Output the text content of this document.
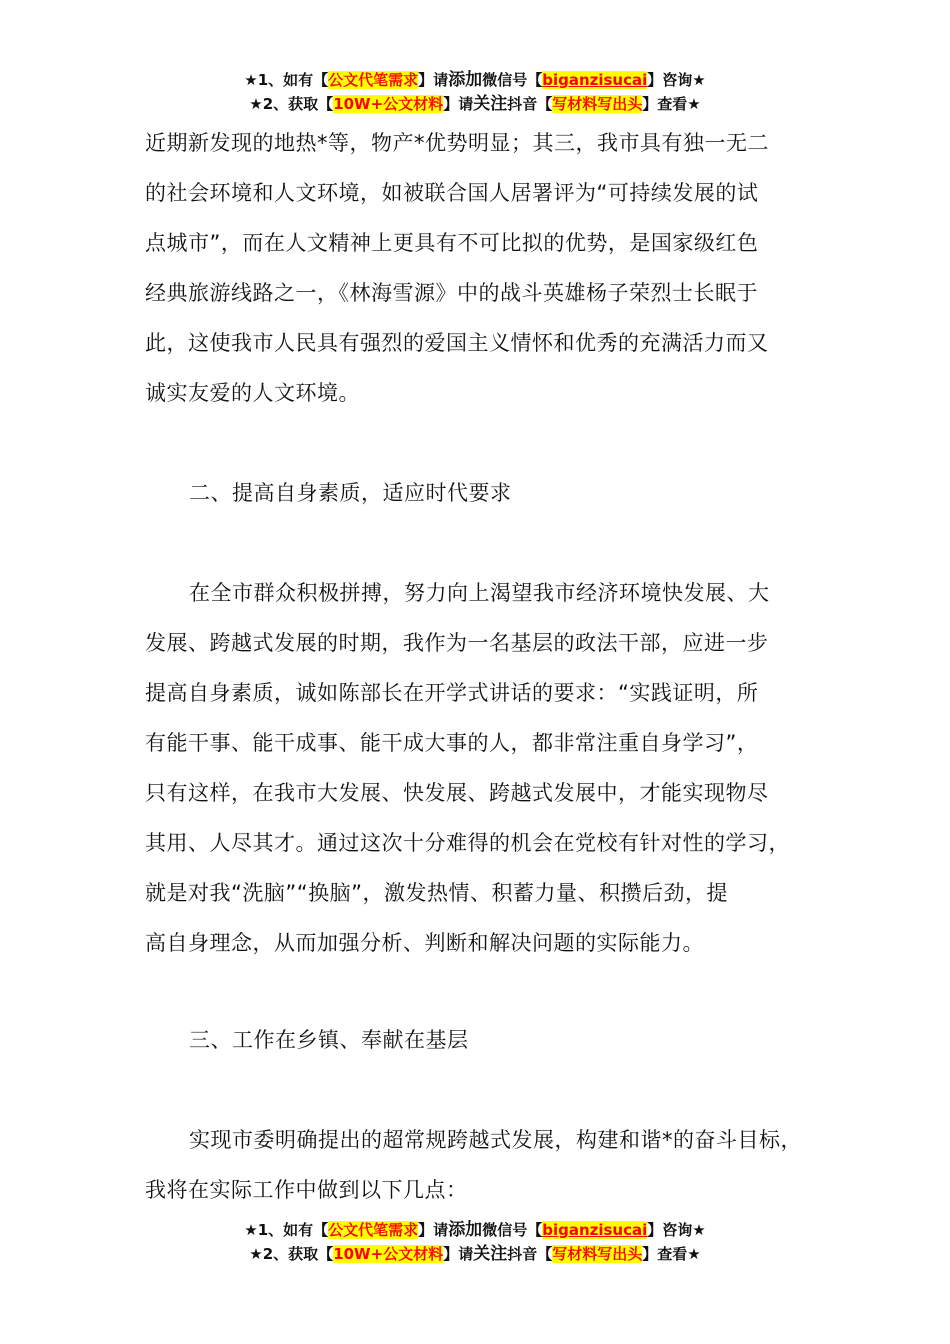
★1、如有【公文代笔需求】请添加微信号【biganzisucai】咨询★
★2、获取【10W+公文材料】请关注抖音【写材料写出头】查看★

近期新发现的地热*等，物产*优势明显；其三，我市具有独一无二

的社会环境和人文环境，如被联合国人居署评为“可持续发展的试

点城市”，而在人文精神上更具有不可比拟的优势，是国家级红色

经典旅游线路之一，《林海雪源》中的战斗英雄杨子荣烈士长眠于

此，这使我市人民具有强烈的爱国主义情怀和优秀的充满活力而又

诚实友爱的人文环境。

二、提高自身素质，适应时代要求

在全市群众积极拼搏，努力向上渴望我市经济环境快发展、大

发展、跨越式发展的时期，我作为一名基层的政法干部，应进一步

提高自身素质，诚如陈部长在开学式讲话的要求：“实践证明，所

有能干事、能干成事、能干成大事的人，都非常注重自身学习”，

只有这样，在我市大发展、快发展、跨越式发展中，才能实现物尽

其用、人尽其才。通过这次十分难得的机会在党校有针对性的学习，

就是对我“洗脑”“换脑”，激发热情、积蓄力量、积攒后劲，提

高自身理念，从而加强分析、判断和解决问题的实际能力。

三、工作在乡镇、奉献在基层

实现市委明确提出的超常规跨越式发展，构建和谐*的奋斗目标，

我将在实际工作中做到以下几点：

★1、如有【公文代笔需求】请添加微信号【biganzisucai】咨询★
★2、获取【10W+公文材料】请关注抖音【写材料写出头】查看★
